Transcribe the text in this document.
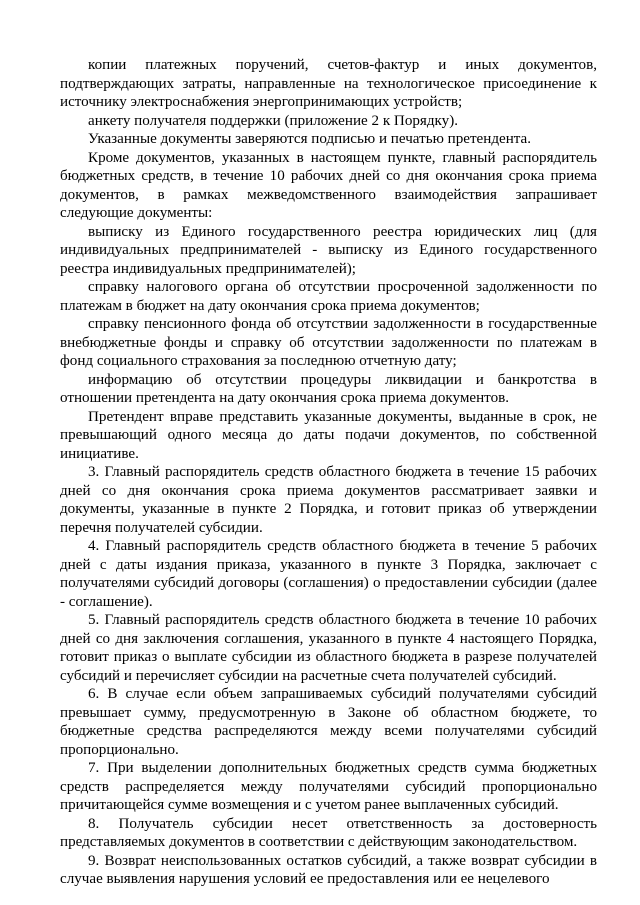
копии платежных поручений, счетов-фактур и иных документов, подтверждающих затраты, направленные на технологическое присоединение к источнику электроснабжения энергопринимающих устройств;

анкету получателя поддержки (приложение 2 к Порядку).

Указанные документы заверяются подписью и печатью претендента.

Кроме документов, указанных в настоящем пункте, главный распорядитель бюджетных средств, в течение 10 рабочих дней со дня окончания срока приема документов, в рамках межведомственного взаимодействия запрашивает следующие документы:

выписку из Единого государственного реестра юридических лиц (для индивидуальных предпринимателей - выписку из Единого государственного реестра индивидуальных предпринимателей);

справку налогового органа об отсутствии просроченной задолженности по платежам в бюджет на дату окончания срока приема документов;

справку пенсионного фонда об отсутствии задолженности в государственные внебюджетные фонды и справку об отсутствии задолженности по платежам в фонд социального страхования за последнюю отчетную дату;

информацию об отсутствии процедуры ликвидации и банкротства в отношении претендента на дату окончания срока приема документов.

Претендент вправе представить указанные документы, выданные в срок, не превышающий одного месяца до даты подачи документов, по собственной инициативе.

3. Главный распорядитель средств областного бюджета в течение 15 рабочих дней со дня окончания срока приема документов рассматривает заявки и документы, указанные в пункте 2 Порядка, и готовит приказ об утверждении перечня получателей субсидии.

4. Главный распорядитель средств областного бюджета в течение 5 рабочих дней с даты издания приказа, указанного в пункте 3 Порядка, заключает с получателями субсидий договоры (соглашения) о предоставлении субсидии (далее - соглашение).

5. Главный распорядитель средств областного бюджета в течение 10 рабочих дней со дня заключения соглашения, указанного в пункте 4 настоящего Порядка, готовит приказ о выплате субсидии из областного бюджета в разрезе получателей субсидий и перечисляет субсидии на расчетные счета получателей субсидий.

6. В случае если объем запрашиваемых субсидий получателями субсидий превышает сумму, предусмотренную в Законе об областном бюджете, то бюджетные средства распределяются между всеми получателями субсидий пропорционально.

7. При выделении дополнительных бюджетных средств сумма бюджетных средств распределяется между получателями субсидий пропорционально причитающейся сумме возмещения и с учетом ранее выплаченных субсидий.

8. Получатель субсидии несет ответственность за достоверность представляемых документов в соответствии с действующим законодательством.

9. Возврат неиспользованных остатков субсидий, а также возврат субсидии в случае выявления нарушения условий ее предоставления или ее нецелевого
